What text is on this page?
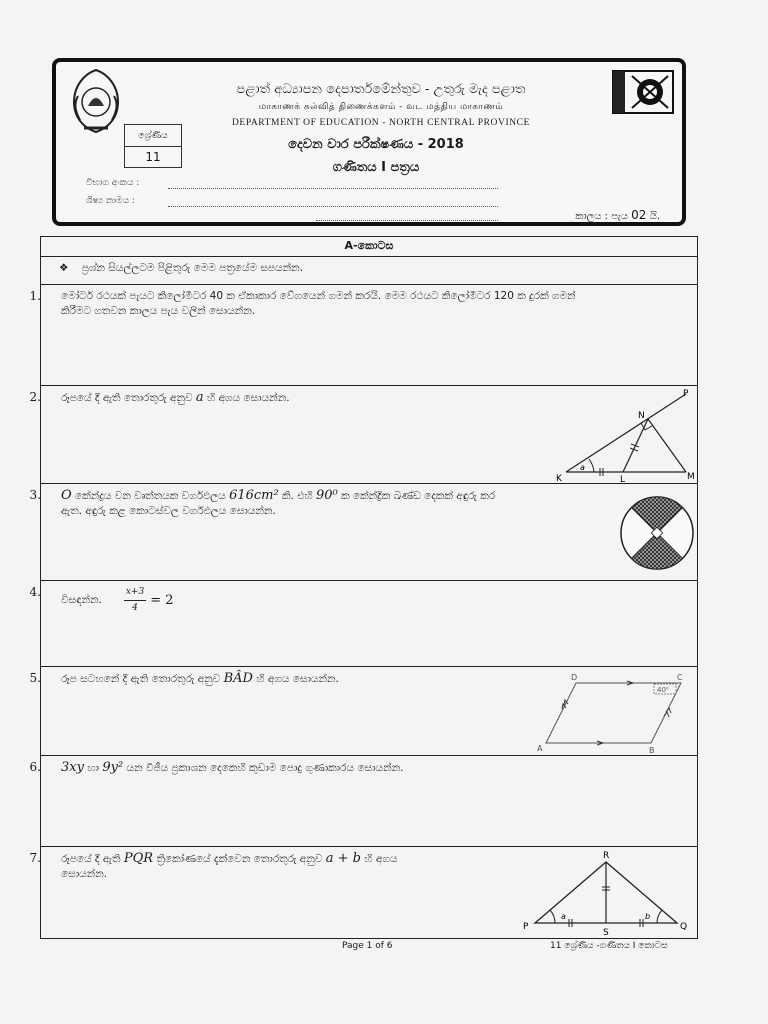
ශ්‍රේණිය
11
පළාත් අධ්‍යාපන දෙපාර්තමේන්තුව - උතුරු මැද පළාත
மாகாணக் கல்வித் திணைக்களம் - வட மத்திய மாகாணம்
DEPARTMENT OF EDUCATION - NORTH CENTRAL PROVINCE
දෙවන වාර පරීක්ෂණය - 2018
ගණිතය I පත්‍රය
විභාග අංකය :
ශිෂ්‍ය නාමය :
කාලය : පැය 02 යි.
A-කොටස
❖ ප්‍රශ්න සියල්ලටම පිළිතුරු මෙම පත්‍රයේම සපයන්න.
1. මෝටර් රථයක් පැයට කිලෝමීටර 40 ක ඒකාකාර වේගයෙන් ගමන් කරයි. මෙම රථයට කිලෝමීටර 120 ක දුරක් ගමන්
කිරීමට ගතවන කාලය පැය වලින් සොයන්න.
2. රූපයේ දී ඇති තොරතුරු අනුව a හි අගය සොයන්න.	P
N
K	L	M
a
3. O කේන්ද්‍රය වන වෘත්තයක වර්ගඵලය 616cm² කි. එහි 90⁰ ක කේන්ද්‍රික ඛණ්ඩ දෙකක් අඳුරු කර
ඇත. අඳුරු කළ කොටස්වල වර්ගඵලය සොයන්න.
4.
විසඳන්න. $\frac{x+3}{4} = 2$
5. රූප සටහනේ දී ඇති තොරතුරු අනුව BÂD හි අගය සොයන්න.	D	C
A	B
40⁰
6. 3xy හා 9y² යන වීජීය ප්‍රකාශන දෙකෙහි කුඩාම පොදු ගුණාකාරය සොයන්න.
7. රූපයේ දී ඇති PQR ත්‍රිකෝණයේ දැක්වෙන තොරතුරු අනුව a + b හි අගය
සොයන්න.
R
P
S
Q
a	b
Page 1 of 6	11 ශ්‍රේණිය -ගණිතය I කොටස
